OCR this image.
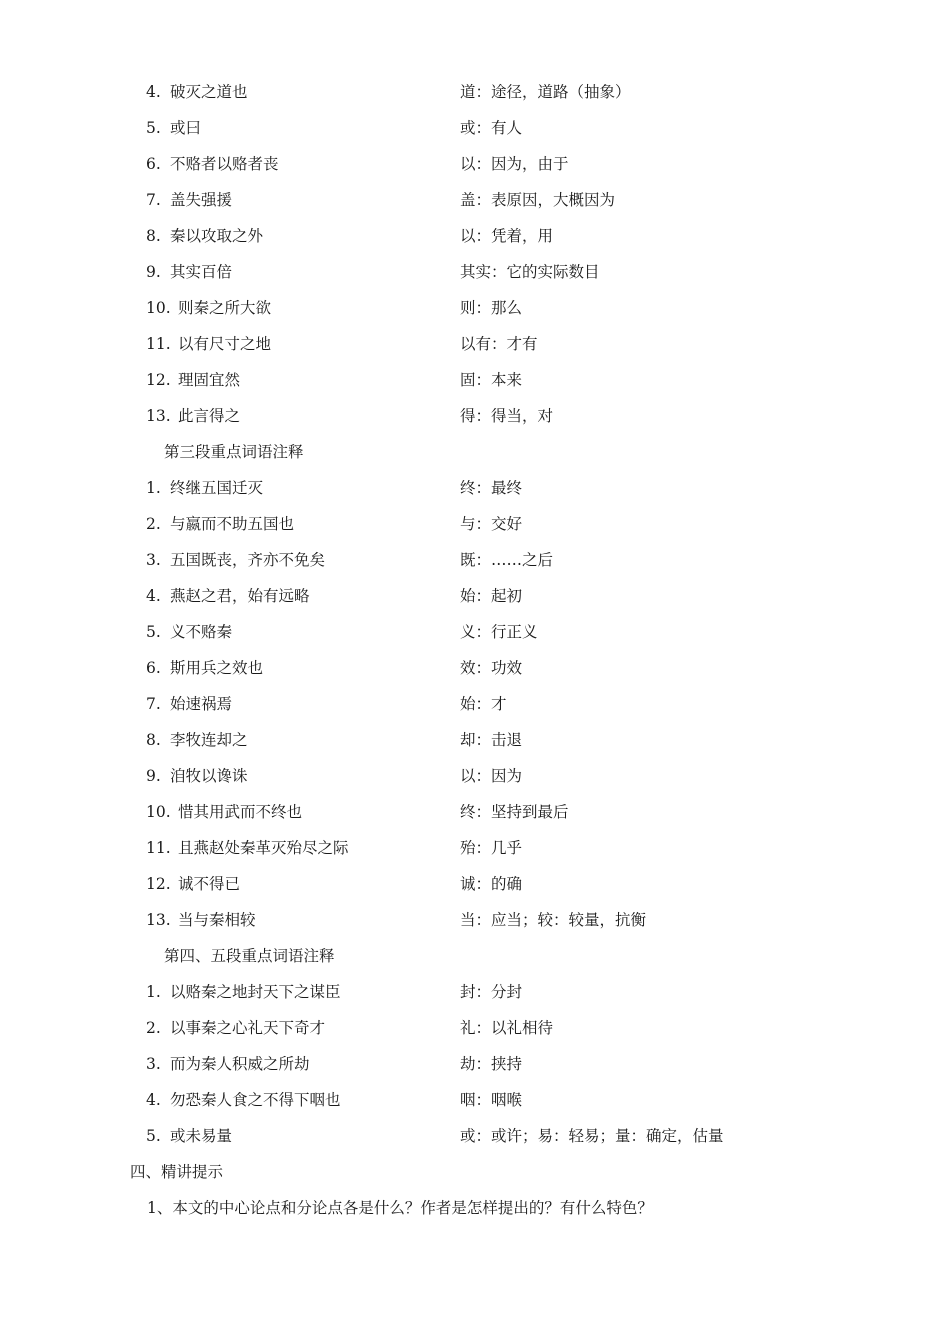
4. 破灭之道也	道：途径，道路（抽象）
5. 或曰	或：有人
6. 不赂者以赂者丧	以：因为，由于
7. 盖失强援	盖：表原因，大概因为
8. 秦以攻取之外	以：凭着，用
9. 其实百倍	其实：它的实际数目
10. 则秦之所大欲	则：那么
11. 以有尺寸之地	以有：才有
12. 理固宜然	固：本来
13. 此言得之	得：得当，对
第三段重点词语注释
1. 终继五国迁灭	终：最终
2. 与嬴而不助五国也	与：交好
3. 五国既丧，齐亦不免矣	既：……之后
4. 燕赵之君，始有远略	始：起初
5. 义不赂秦	义：行正义
6. 斯用兵之效也	效：功效
7. 始速祸焉	始：才
8. 李牧连却之	却：击退
9. 洎牧以谗诛	以：因为
10. 惜其用武而不终也	终：坚持到最后
11. 且燕赵处秦革灭殆尽之际	殆：几乎
12. 诚不得已	诚：的确
13. 当与秦相较	当：应当；较：较量，抗衡
第四、五段重点词语注释
1. 以赂秦之地封天下之谋臣	封：分封
2. 以事秦之心礼天下奇才	礼：以礼相待
3. 而为秦人积威之所劫	劫：挟持
4. 勿恐秦人食之不得下咽也	咽：咽喉
5. 或未易量	或：或许；易：轻易；量：确定，估量
四、精讲提示
1、本文的中心论点和分论点各是什么？作者是怎样提出的？有什么特色？
